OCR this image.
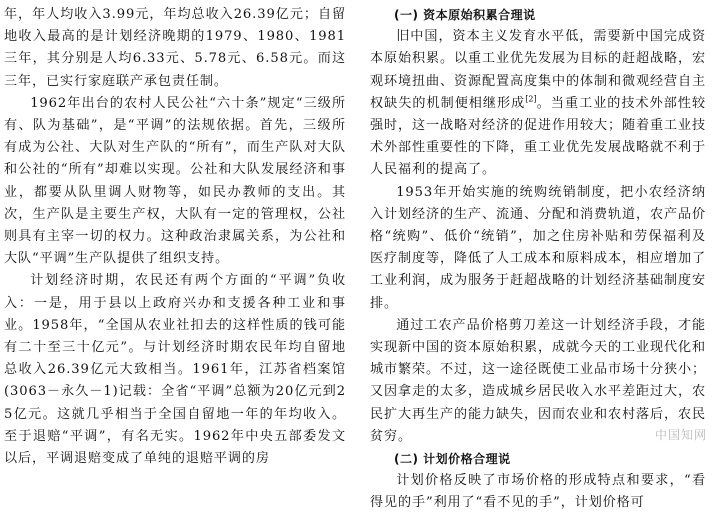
年，年人均收入3.99元，年均总收入26.39亿元；自留地收入最高的是计划经济晚期的1979、1980、1981三年，其分别是人均6.33元、5.78元、6.58元。而这三年，已实行家庭联产承包责任制。

1962年出台的农村人民公社“六十条”规定“三级所有、队为基础”，是“平调”的法规依据。首先，三级所有成为公社、大队对生产队的“所有”，而生产队对大队和公社的“所有”却难以实现。公社和大队发展经济和事业，都要从队里调人财物等，如民办教师的支出。其次，生产队是主要生产权，大队有一定的管理权，公社则具有主宰一切的权力。这种政治隶属关系，为公社和大队“平调”生产队提供了组织支持。

计划经济时期，农民还有两个方面的“平调”负收入：一是，用于县以上政府兴办和支援各种工业和事业。1958年，“全国从农业社扣去的这样性质的钱可能有二十至三十亿元”。与计划经济时期农民年均自留地总收入26.39亿元大致相当。1961年，江苏省档案馆(3063－永久－1)记载：全省“平调”总额为20亿元到25亿元。这就几乎相当于全国自留地一年的年均收入。至于退赔“平调”，有名无实。1962年中央五部委发文以后，平调退赔变成了单纯的退赔平调的房

(一) 资本原始积累合理说

旧中国，资本主义发育水平低，需要新中国完成资本原始积累。以重工业优先发展为目标的赶超战略，宏观环境扭曲、资源配置高度集中的体制和微观经营自主权缺失的机制便相继形成[2]。当重工业的技术外部性较强时，这一战略对经济的促进作用较大；随着重工业技术外部性重要性的下降，重工业优先发展战略就不利于人民福利的提高了。

1953年开始实施的统购统销制度，把小农经济纳入计划经济的生产、流通、分配和消费轨道，农产品价格“统购”、低价“统销”，加之住房补贴和劳保福利及医疗制度等，降低了人工成本和原料成本，相应增加了工业利润，成为服务于赶超战略的计划经济基础制度安排。

通过工农产品价格剪刀差这一计划经济手段，才能实现新中国的资本原始积累，成就今天的工业现代化和城市繁荣。不过，这一途径既使工业品市场十分狭小；又因拿走的太多，造成城乡居民收入水平差距过大，农民扩大再生产的能力缺失，因而农业和农村落后，农民贫穷。

(二) 计划价格合理说

计划价格反映了市场价格的形成特点和要求，“看得见的手”利用了“看不见的手”，计划价格可

中国知网
